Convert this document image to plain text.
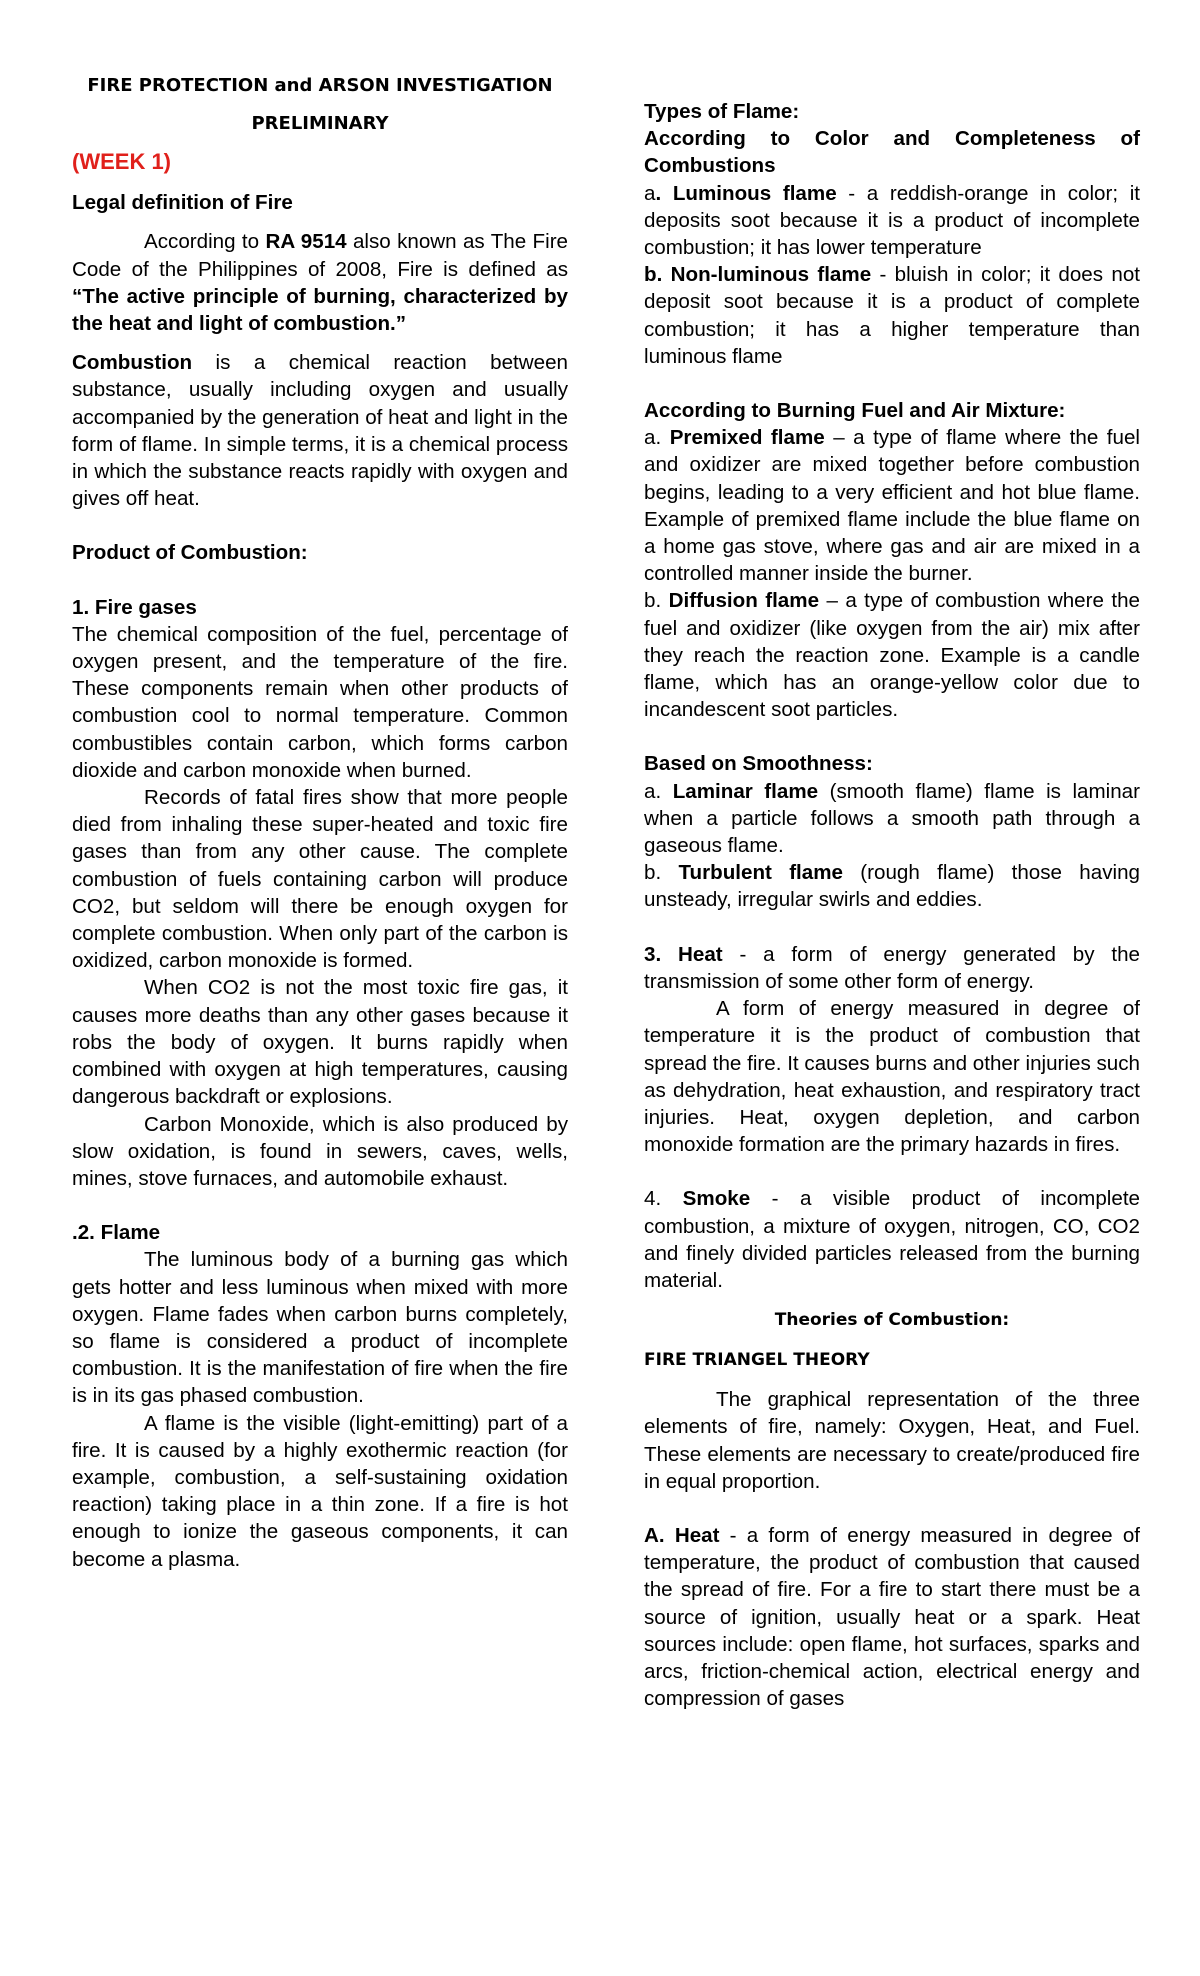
FIRE PROTECTION and ARSON INVESTIGATION
PRELIMINARY
(WEEK 1)

Legal definition of Fire

According to RA 9514 also known as The Fire Code of the Philippines of 2008, Fire is defined as “The active principle of burning, characterized by the heat and light of combustion.”

Combustion is a chemical reaction between substance, usually including oxygen and usually accompanied by the generation of heat and light in the form of flame. In simple terms, it is a chemical process in which the substance reacts rapidly with oxygen and gives off heat.

Product of Combustion:

1. Fire gases

The chemical composition of the fuel, percentage of oxygen present, and the temperature of the fire. These components remain when other products of combustion cool to normal temperature. Common combustibles contain carbon, which forms carbon dioxide and carbon monoxide when burned.

Records of fatal fires show that more people died from inhaling these super-heated and toxic fire gases than from any other cause. The complete combustion of fuels containing carbon will produce CO2, but seldom will there be enough oxygen for complete combustion. When only part of the carbon is oxidized, carbon monoxide is formed.

When CO2 is not the most toxic fire gas, it causes more deaths than any other gases because it robs the body of oxygen. It burns rapidly when combined with oxygen at high temperatures, causing dangerous backdraft or explosions.

Carbon Monoxide, which is also produced by slow oxidation, is found in sewers, caves, wells, mines, stove furnaces, and automobile exhaust.

.2. Flame

The luminous body of a burning gas which gets hotter and less luminous when mixed with more oxygen. Flame fades when carbon burns completely, so flame is considered a product of incomplete combustion. It is the manifestation of fire when the fire is in its gas phased combustion.

A flame is the visible (light-emitting) part of a fire. It is caused by a highly exothermic reaction (for example, combustion, a self-sustaining oxidation reaction) taking place in a thin zone. If a fire is hot enough to ionize the gaseous components, it can become a plasma.

Types of Flame:

According to Color and Completeness of Combustions

a. Luminous flame - a reddish-orange in color; it deposits soot because it is a product of incomplete combustion; it has lower temperature

b. Non-luminous flame - bluish in color; it does not deposit soot because it is a product of complete combustion; it has a higher temperature than luminous flame

According to Burning Fuel and Air Mixture:

a. Premixed flame – a type of flame where the fuel and oxidizer are mixed together before combustion begins, leading to a very efficient and hot blue flame. Example of premixed flame include the blue flame on a home gas stove, where gas and air are mixed in a controlled manner inside the burner.

b. Diffusion flame – a type of combustion where the fuel and oxidizer (like oxygen from the air) mix after they reach the reaction zone. Example is a candle flame, which has an orange-yellow color due to incandescent soot particles.

Based on Smoothness:

a. Laminar flame (smooth flame) flame is laminar when a particle follows a smooth path through a gaseous flame.

b. Turbulent flame (rough flame) those having unsteady, irregular swirls and eddies.

3. Heat - a form of energy generated by the transmission of some other form of energy.

A form of energy measured in degree of temperature it is the product of combustion that spread the fire. It causes burns and other injuries such as dehydration, heat exhaustion, and respiratory tract injuries. Heat, oxygen depletion, and carbon monoxide formation are the primary hazards in fires.

4. Smoke - a visible product of incomplete combustion, a mixture of oxygen, nitrogen, CO, CO2 and finely divided particles released from the burning material.

Theories of Combustion:
FIRE TRIANGEL THEORY

The graphical representation of the three elements of fire, namely: Oxygen, Heat, and Fuel. These elements are necessary to create/produced fire in equal proportion.

A. Heat - a form of energy measured in degree of temperature, the product of combustion that caused the spread of fire. For a fire to start there must be a source of ignition, usually heat or a spark. Heat sources include: open flame, hot surfaces, sparks and arcs, friction-chemical action, electrical energy and compression of gases
